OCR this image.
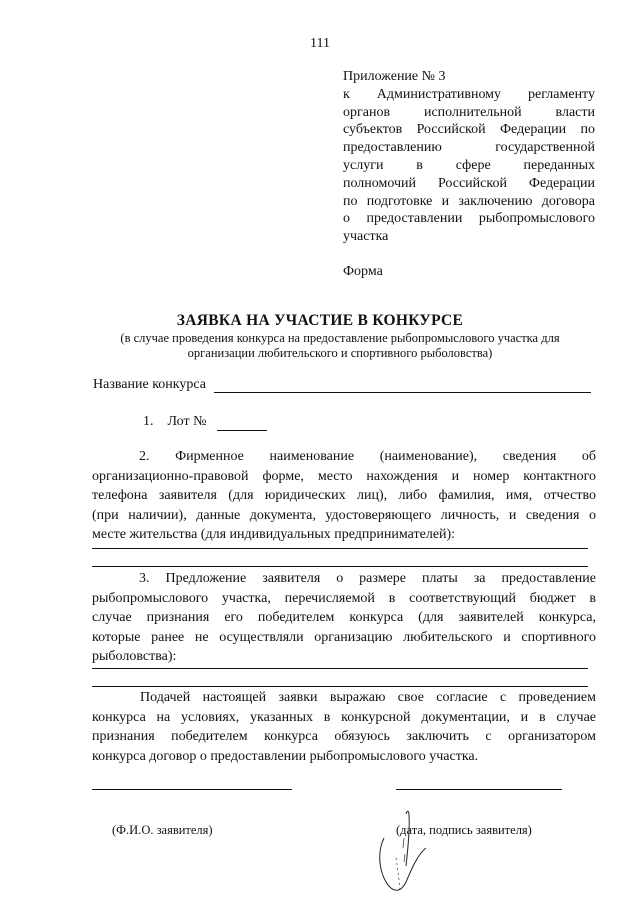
111
Приложение № 3
к Административному регламенту
органов исполнительной власти
субъектов Российской Федерации по
предоставлению государственной
услуги в сфере переданных
полномочий Российской Федерации
по подготовке и заключению договора
о предоставлении рыбопромыслового
участка
Форма
ЗАЯВКА НА УЧАСТИЕ В КОНКУРСЕ
(в случае проведения конкурса на предоставление рыбопромыслового участка для
организации любительского и спортивного рыболовства)
Название конкурса
1. Лот №
2. Фирменное наименование (наименование), сведения об
организационно-правовой форме, место нахождения и номер контактного
телефона заявителя (для юридических лиц), либо фамилия, имя, отчество
(при наличии), данные документа, удостоверяющего личность, и сведения о
месте жительства (для индивидуальных предпринимателей):
3. Предложение заявителя о размере платы за предоставление
рыбопромыслового участка, перечисляемой в соответствующий бюджет в
случае признания его победителем конкурса (для заявителей конкурса,
которые ранее не осуществляли организацию любительского и спортивного
рыболовства):
Подачей настоящей заявки выражаю свое согласие с проведением
конкурса на условиях, указанных в конкурсной документации, и в случае
признания победителем конкурса обязуюсь заключить с организатором
конкурса договор о предоставлении рыбопромыслового участка.
(Ф.И.О. заявителя)	(дата, подпись заявителя)
